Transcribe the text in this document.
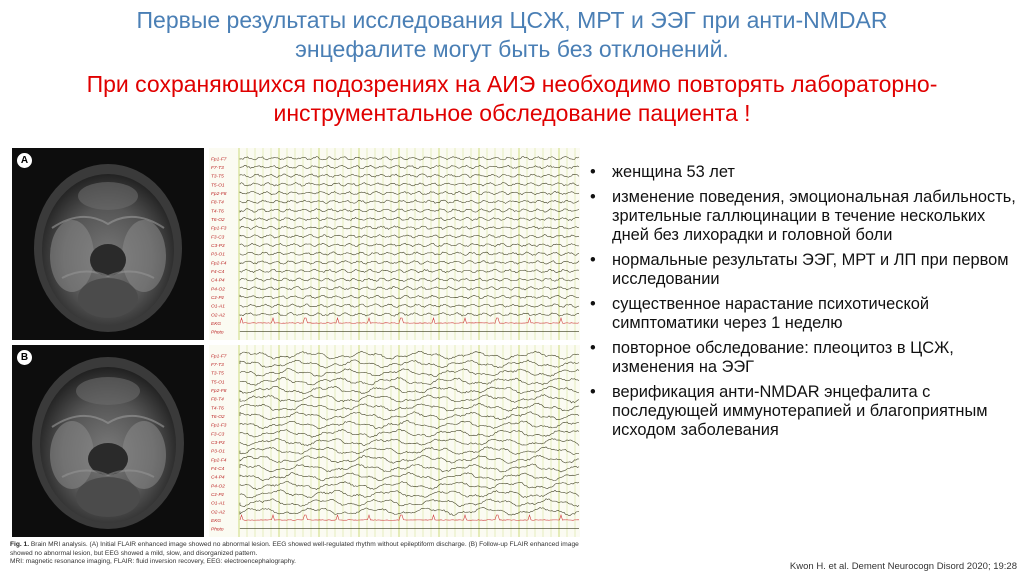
Первые результаты исследования ЦСЖ, МРТ и ЭЭГ при анти-NMDAR
энцефалите могут быть без отклонений.
При сохраняющихся подозрениях на АИЭ необходимо повторять лабораторно-
инструментальное обследование пациента !
A	Fp1-F7
F7-T3
T3-T5
T5-O1
Fp2-F8
F8-T4
T4-T6
T6-O2
Fp1-F3
F3-C3
C3-P3
P3-O1
Fp2-F4
F4-C4
C4-P4
P4-O2
Cz-Pz
O1-A1
O2-A2
EKG
Photo
B	Fp1-F7
F7-T3
T3-T5
T5-O1
Fp2-F8
F8-T4
T4-T6
T6-O2
Fp1-F3
F3-C3
C3-P3
P3-O1
Fp2-F4
F4-C4
C4-P4
P4-O2
Cz-Pz
O1-A1
O2-A2
EKG
Photo
Fig. 1. Brain MRI analysis. (A) Initial FLAIR enhanced image showed no abnormal lesion. EEG showed well-regulated rhythm without epileptiform discharge. (B) Follow-up FLAIR enhanced image showed no abnormal lesion, but EEG showed a mild, slow, and disorganized pattern.
MRI: magnetic resonance imaging, FLAIR: fluid inversion recovery, EEG: electroencephalography.
• женщина 53 лет
• изменение поведения, эмоциональная лабильность, зрительные галлюцинации в течение нескольких дней без лихорадки и головной боли
• нормальные результаты ЭЭГ, МРТ и ЛП при первом исследовании
• существенное нарастание психотической симптоматики через 1 неделю
• повторное обследование: плеоцитоз в ЦСЖ, изменения на ЭЭГ
• верификация анти-NMDAR энцефалита с последующей иммунотерапией и благоприятным исходом заболевания
Kwon H. et al. Dement Neurocogn Disord 2020; 19:28
